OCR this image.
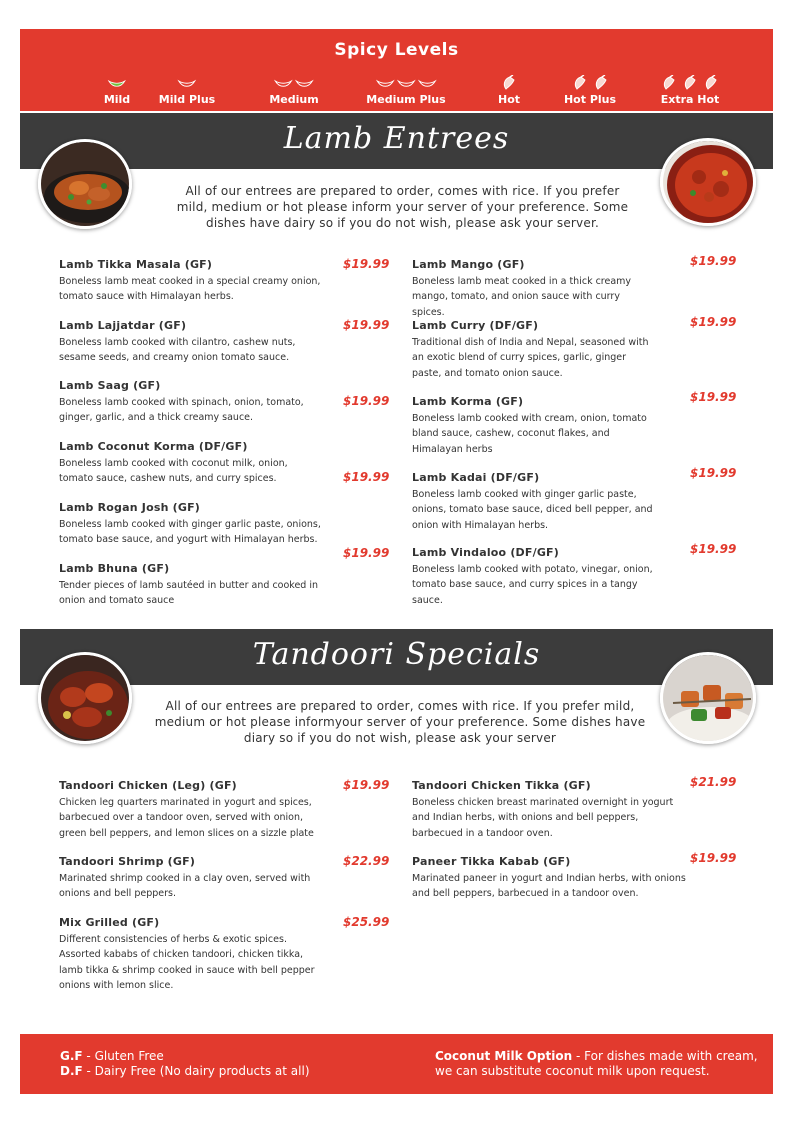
Spicy Levels
Mild	Mild Plus	Medium	Medium Plus	Hot	Hot Plus	Extra Hot
Lamb Entrees
All of our entrees are prepared to order, comes with rice. If you prefer mild, medium or hot please inform your server of your preference. Some dishes have dairy so if you do not wish, please ask your server.
Lamb Tikka Masala (GF)
Boneless lamb meat cooked in a special creamy onion, tomato sauce with Himalayan herbs.
$19.99
Lamb Lajjatdar (GF)
Boneless lamb cooked with cilantro, cashew nuts, sesame seeds, and creamy onion tomato sauce.
$19.99
Lamb Saag (GF)
Boneless lamb cooked with spinach, onion, tomato, ginger, garlic, and a thick creamy sauce.
$19.99
Lamb Coconut Korma (DF/GF)
Boneless lamb cooked with coconut milk, onion, tomato sauce, cashew nuts, and curry spices.	$19.99
Lamb Rogan Josh (GF)
Boneless lamb cooked with ginger garlic paste, onions, tomato base sauce, and yogurt with Himalayan herbs.
$19.99
Lamb Bhuna (GF)
Tender pieces of lamb sautéed in butter and cooked in onion and tomato sauce
Lamb Mango (GF)
Boneless lamb meat cooked in a thick creamy mango, tomato, and onion sauce with curry spices.
$19.99
Lamb Curry (DF/GF)
Traditional dish of India and Nepal, seasoned with an exotic blend of curry spices, garlic, ginger paste, and tomato onion sauce.
$19.99
Lamb Korma (GF)
Boneless lamb cooked with cream, onion, tomato bland sauce, cashew, coconut flakes, and Himalayan herbs
$19.99
Lamb Kadai (DF/GF)
Boneless lamb cooked with ginger garlic paste, onions, tomato base sauce, diced bell pepper, and onion with Himalayan herbs.
$19.99
Lamb Vindaloo (DF/GF)
Boneless lamb cooked with potato, vinegar, onion, tomato base sauce, and curry spices in a tangy sauce.
$19.99
Tandoori Specials
All of our entrees are prepared to order, comes with rice. If you prefer mild, medium or hot please informyour server of your preference. Some dishes have diary so if you do not wish, please ask your server
Tandoori Chicken (Leg) (GF)
Chicken leg quarters marinated in yogurt and spices, barbecued over a tandoor oven, served with onion, green bell peppers, and lemon slices on a sizzle plate
$19.99
Tandoori Shrimp (GF)
Marinated shrimp cooked in a clay oven, served with onions and bell peppers.
$22.99
Mix Grilled (GF)
Different consistencies of herbs & exotic spices. Assorted kababs of chicken tandoori, chicken tikka, lamb tikka & shrimp cooked in sauce with bell pepper onions with lemon slice.
$25.99
Tandoori Chicken Tikka (GF)
Boneless chicken breast marinated overnight in yogurt and Indian herbs, with onions and bell peppers, barbecued in a tandoor oven.
$21.99
Paneer Tikka Kabab (GF)
Marinated paneer in yogurt and Indian herbs, with onions and bell peppers, barbecued in a tandoor oven.
$19.99
G.F - Gluten Free
D.F - Dairy Free (No dairy products at all)
Coconut Milk Option - For dishes made with cream, we can substitute coconut milk upon request.
